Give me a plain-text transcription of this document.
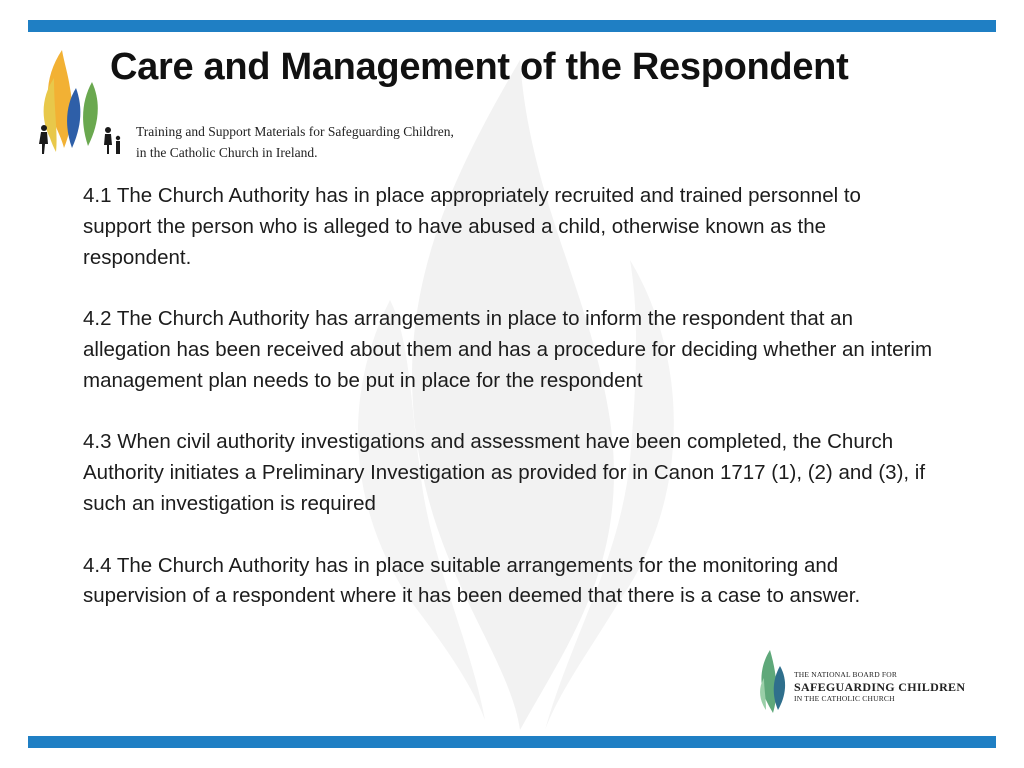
Care and Management of the Respondent
Training and Support Materials for Safeguarding Children,
in the Catholic Church in Ireland.

4.1 The Church Authority has in place appropriately recruited and trained personnel to support the person who is alleged to have abused a child, otherwise known as the respondent.

4.2 The Church Authority has arrangements in place to inform the respondent that an allegation has been received about them and has a procedure for deciding whether an interim management plan needs to be put in place for the respondent

4.3 When civil authority investigations and assessment have been completed, the Church Authority initiates a Preliminary Investigation as provided for in Canon 1717 (1), (2) and (3), if such an investigation is required

4.4 The Church Authority has in place suitable arrangements for the monitoring and supervision of a respondent where it has been deemed that there is a case to answer.

THE NATIONAL BOARD FOR
SAFEGUARDING CHILDREN
IN THE CATHOLIC CHURCH
